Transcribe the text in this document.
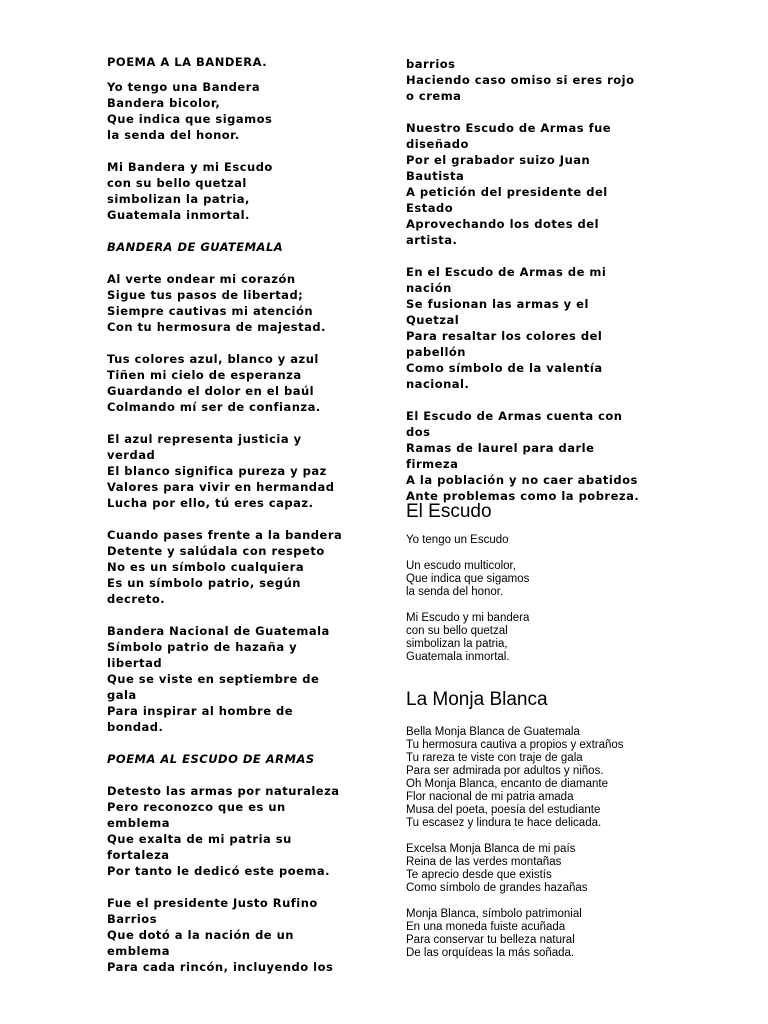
POEMA A LA BANDERA.
Yo tengo una Bandera
Bandera bicolor,
Que indica que sigamos
la senda del honor.
Mi Bandera y mi Escudo
con su bello quetzal
simbolizan la patria,
Guatemala inmortal.
BANDERA DE GUATEMALA
Al verte ondear mi corazón
Sigue tus pasos de libertad;
Siempre cautivas mi atención
Con tu hermosura de majestad.
Tus colores azul, blanco y azul
Tiñen mi cielo de esperanza
Guardando el dolor en el baúl
Colmando mí ser de confianza.
El azul representa justicia y
verdad
El blanco significa pureza y paz
Valores para vivir en hermandad
Lucha por ello, tú eres capaz.
Cuando pases frente a la bandera
Detente y salúdala con respeto
No es un símbolo cualquiera
Es un símbolo patrio, según
decreto.
Bandera Nacional de Guatemala
Símbolo patrio de hazaña y
libertad
Que se viste en septiembre de
gala
Para inspirar al hombre de
bondad.
POEMA AL ESCUDO DE ARMAS
Detesto las armas por naturaleza
Pero reconozco que es un
emblema
Que exalta de mi patria su
fortaleza
Por tanto le dedicó este poema.
Fue el presidente Justo Rufino
Barrios
Que dotó a la nación de un
emblema
Para cada rincón, incluyendo los
barrios
Haciendo caso omiso si eres rojo
o crema
Nuestro Escudo de Armas fue
diseñado
Por el grabador suizo Juan
Bautista
A petición del presidente del
Estado
Aprovechando los dotes del
artista.
En el Escudo de Armas de mi
nación
Se fusionan las armas y el
Quetzal
Para resaltar los colores del
pabellón
Como símbolo de la valentía
nacional.
El Escudo de Armas cuenta con
dos
Ramas de laurel para darle
firmeza
A la población y no caer abatidos
Ante problemas como la pobreza.
El Escudo
Yo tengo un Escudo
Un escudo multicolor,
Que indica que sigamos
la senda del honor.
Mi Escudo y mi bandera
con su bello quetzal
simbolizan la patria,
Guatemala inmortal.
La Monja Blanca
Bella Monja Blanca de Guatemala
Tu hermosura cautiva a propios y extraños
Tu rareza te viste con traje de gala
Para ser admirada por adultos y niños.
Oh Monja Blanca, encanto de diamante
Flor nacional de mi patria amada
Musa del poeta, poesía del estudiante
Tu escasez y lindura te hace delicada.
Excelsa Monja Blanca de mi país
Reina de las verdes montañas
Te aprecio desde que existís
Como símbolo de grandes hazañas
Monja Blanca, símbolo patrimonial
En una moneda fuiste acuñada
Para conservar tu belleza natural
De las orquídeas la más soñada.
